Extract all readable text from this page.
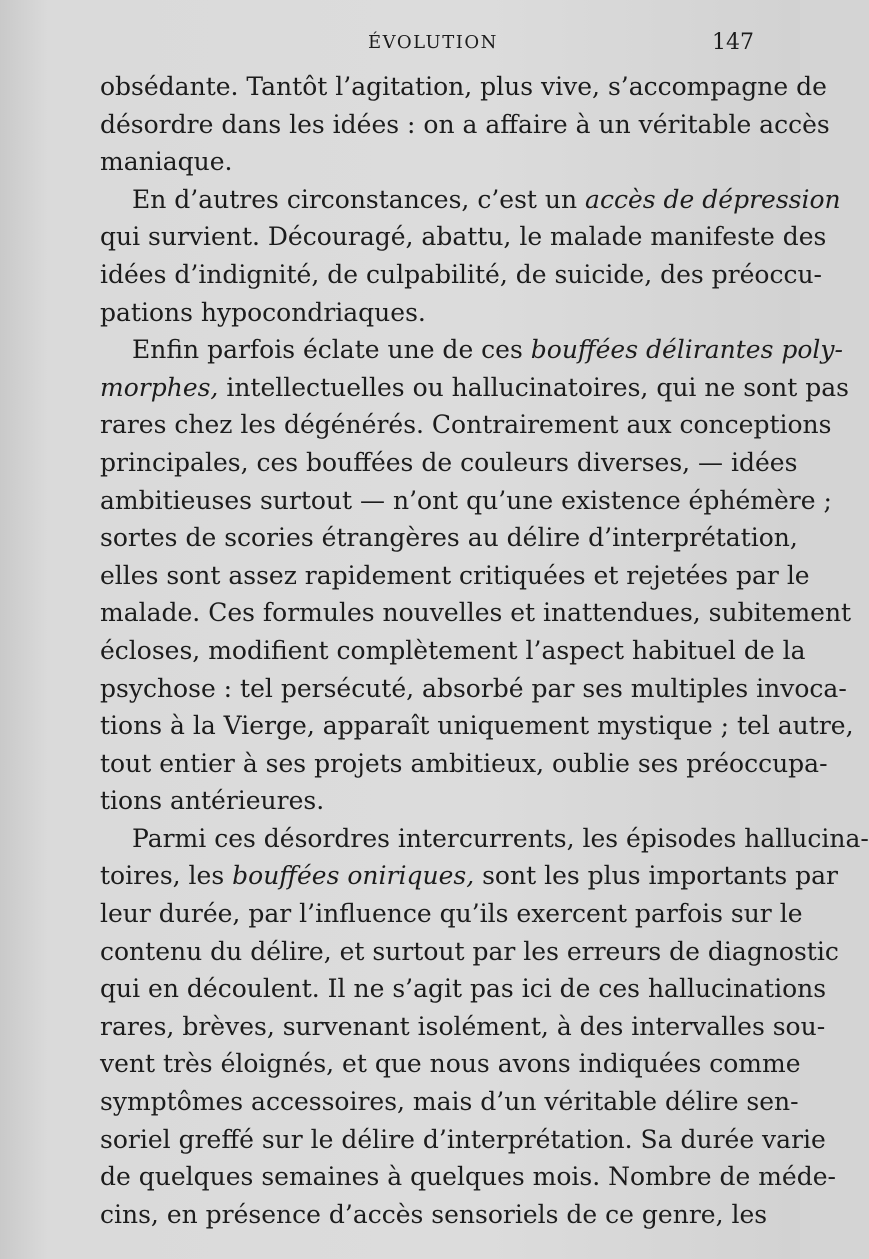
ÉVOLUTION	147
obsédante. Tantôt l’agitation, plus vive, s’accompagne de
désordre dans les idées : on a affaire à un véritable accès
maniaque.
En d’autres circonstances, c’est un accès de dépression
qui survient. Découragé, abattu, le malade manifeste des
idées d’indignité, de culpabilité, de suicide, des préoccu-
pations hypocondriaques.
Enfin parfois éclate une de ces bouffées délirantes poly-
morphes, intellectuelles ou hallucinatoires, qui ne sont pas
rares chez les dégénérés. Contrairement aux conceptions
principales, ces bouffées de couleurs diverses, — idées
ambitieuses surtout — n’ont qu’une existence éphémère ;
sortes de scories étrangères au délire d’interprétation,
elles sont assez rapidement critiquées et rejetées par le
malade. Ces formules nouvelles et inattendues, subitement
écloses, modifient complètement l’aspect habituel de la
psychose : tel persécuté, absorbé par ses multiples invoca-
tions à la Vierge, apparaît uniquement mystique ; tel autre,
tout entier à ses projets ambitieux, oublie ses préoccupa-
tions antérieures.
Parmi ces désordres intercurrents, les épisodes hallucina-
toires, les bouffées oniriques, sont les plus importants par
leur durée, par l’influence qu’ils exercent parfois sur le
contenu du délire, et surtout par les erreurs de diagnostic
qui en découlent. Il ne s’agit pas ici de ces hallucinations
rares, brèves, survenant isolément, à des intervalles sou-
vent très éloignés, et que nous avons indiquées comme
symptômes accessoires, mais d’un véritable délire sen-
soriel greffé sur le délire d’interprétation. Sa durée varie
de quelques semaines à quelques mois. Nombre de méde-
cins, en présence d’accès sensoriels de ce genre, les
